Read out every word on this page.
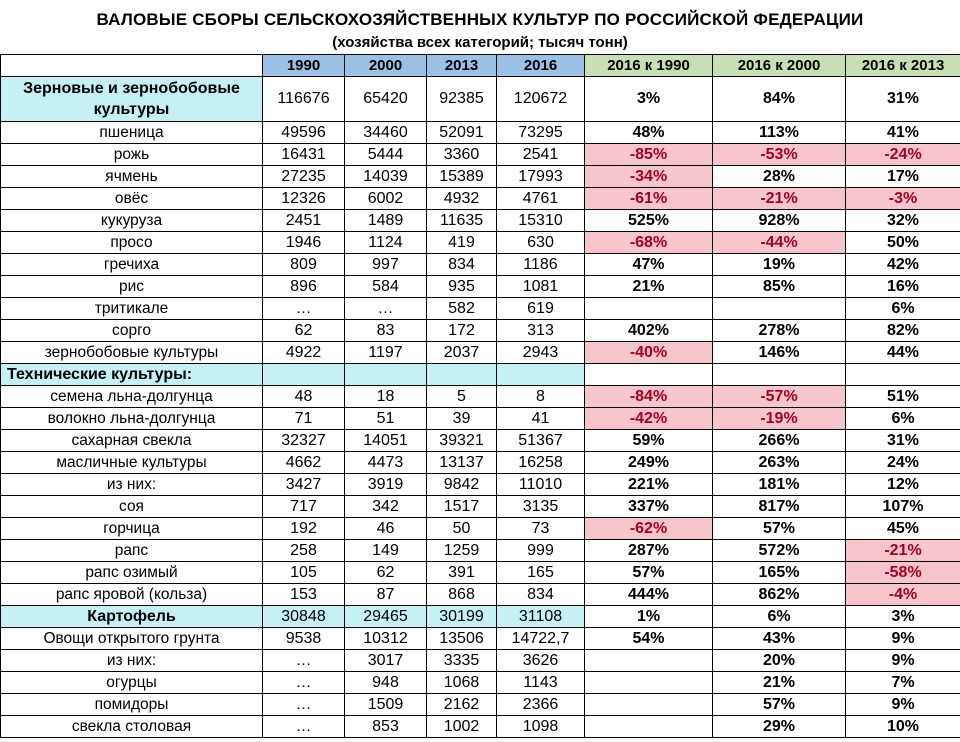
ВАЛОВЫЕ СБОРЫ СЕЛЬСКОХОЗЯЙСТВЕННЫХ КУЛЬТУР ПО РОССИЙСКОЙ ФЕДЕРАЦИИ
(хозяйства всех категорий; тысяч тонн)
	1990	2000	2013	2016	2016 к 1990	2016 к 2000	2016 к 2013
Зерновые и зернобобовые культуры	116676	65420	92385	120672	3%	84%	31%
пшеница	49596	34460	52091	73295	48%	113%	41%
рожь	16431	5444	3360	2541	-85%	-53%	-24%
ячмень	27235	14039	15389	17993	-34%	28%	17%
овёс	12326	6002	4932	4761	-61%	-21%	-3%
кукуруза	2451	1489	11635	15310	525%	928%	32%
просо	1946	1124	419	630	-68%	-44%	50%
гречиха	809	997	834	1186	47%	19%	42%
рис	896	584	935	1081	21%	85%	16%
тритикале	…	…	582	619			6%
сорго	62	83	172	313	402%	278%	82%
зернобобовые культуры	4922	1197	2037	2943	-40%	146%	44%
Технические культуры:							
семена льна-долгунца	48	18	5	8	-84%	-57%	51%
волокно льна-долгунца	71	51	39	41	-42%	-19%	6%
сахарная свекла	32327	14051	39321	51367	59%	266%	31%
масличные культуры	4662	4473	13137	16258	249%	263%	24%
из них:	3427	3919	9842	11010	221%	181%	12%
соя	717	342	1517	3135	337%	817%	107%
горчица	192	46	50	73	-62%	57%	45%
рапс	258	149	1259	999	287%	572%	-21%
рапс озимый	105	62	391	165	57%	165%	-58%
рапс яровой (кольза)	153	87	868	834	444%	862%	-4%
Картофель	30848	29465	30199	31108	1%	6%	3%
Овощи открытого грунта	9538	10312	13506	14722,7	54%	43%	9%
из них:	…	3017	3335	3626		20%	9%
огурцы	…	948	1068	1143		21%	7%
помидоры	…	1509	2162	2366		57%	9%
свекла столовая	…	853	1002	1098		29%	10%
